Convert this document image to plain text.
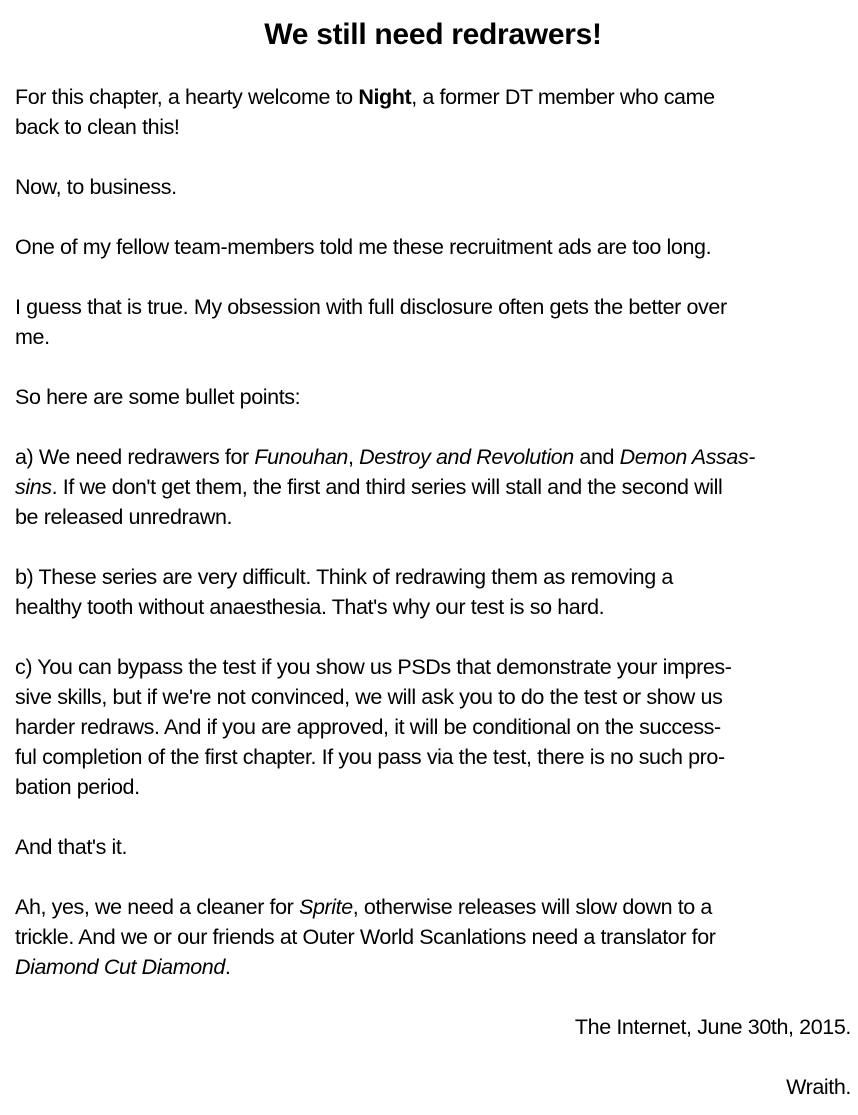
We still need redrawers!

For this chapter, a hearty welcome to Night, a former DT member who came
back to clean this!

Now, to business.

One of my fellow team-members told me these recruitment ads are too long.

I guess that is true. My obsession with full disclosure often gets the better over
me.

So here are some bullet points:

a) We need redrawers for Funouhan, Destroy and Revolution and Demon Assas-
sins. If we don't get them, the first and third series will stall and the second will
be released unredrawn.

b) These series are very difficult. Think of redrawing them as removing a
healthy tooth without anaesthesia. That's why our test is so hard.

c) You can bypass the test if you show us PSDs that demonstrate your impres-
sive skills, but if we're not convinced, we will ask you to do the test or show us
harder redraws. And if you are approved, it will be conditional on the success-
ful completion of the first chapter. If you pass via the test, there is no such pro-
bation period.

And that's it.

Ah, yes, we need a cleaner for Sprite, otherwise releases will slow down to a
trickle. And we or our friends at Outer World Scanlations need a translator for
Diamond Cut Diamond.

The Internet, June 30th, 2015.

Wraith.
